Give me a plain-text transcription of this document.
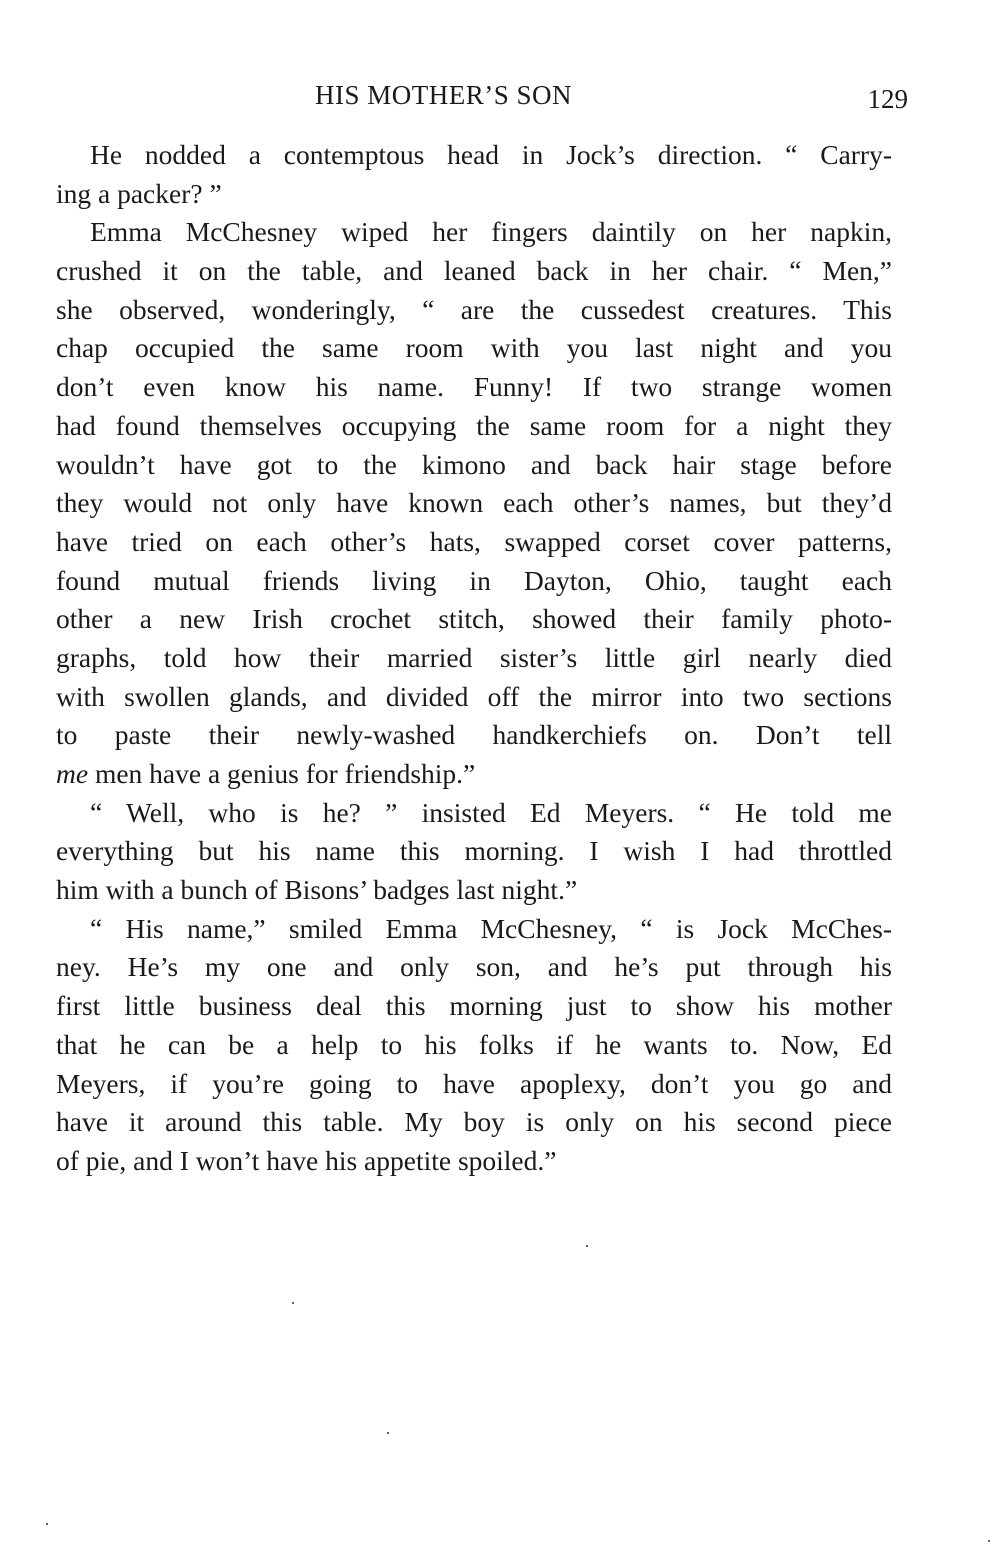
HIS MOTHER’S SON	129
He nodded a contemptous head in Jock’s direction. “ Carry-
ing a packer? ”
Emma McChesney wiped her fingers daintily on her napkin,
crushed it on the table, and leaned back in her chair. “ Men,”
she observed, wonderingly, “ are the cussedest creatures. This
chap occupied the same room with you last night and you
don’t even know his name. Funny! If two strange women
had found themselves occupying the same room for a night they
wouldn’t have got to the kimono and back hair stage before
they would not only have known each other’s names, but they’d
have tried on each other’s hats, swapped corset cover patterns,
found mutual friends living in Dayton, Ohio, taught each
other a new Irish crochet stitch, showed their family photo-
graphs, told how their married sister’s little girl nearly died
with swollen glands, and divided off the mirror into two sections
to paste their newly-washed handkerchiefs on. Don’t tell
me men have a genius for friendship.”
“ Well, who is he? ” insisted Ed Meyers. “ He told me
everything but his name this morning. I wish I had throttled
him with a bunch of Bisons’ badges last night.”
“ His name,” smiled Emma McChesney, “ is Jock McChes-
ney. He’s my one and only son, and he’s put through his
first little business deal this morning just to show his mother
that he can be a help to his folks if he wants to. Now, Ed
Meyers, if you’re going to have apoplexy, don’t you go and
have it around this table. My boy is only on his second piece
of pie, and I won’t have his appetite spoiled.”
